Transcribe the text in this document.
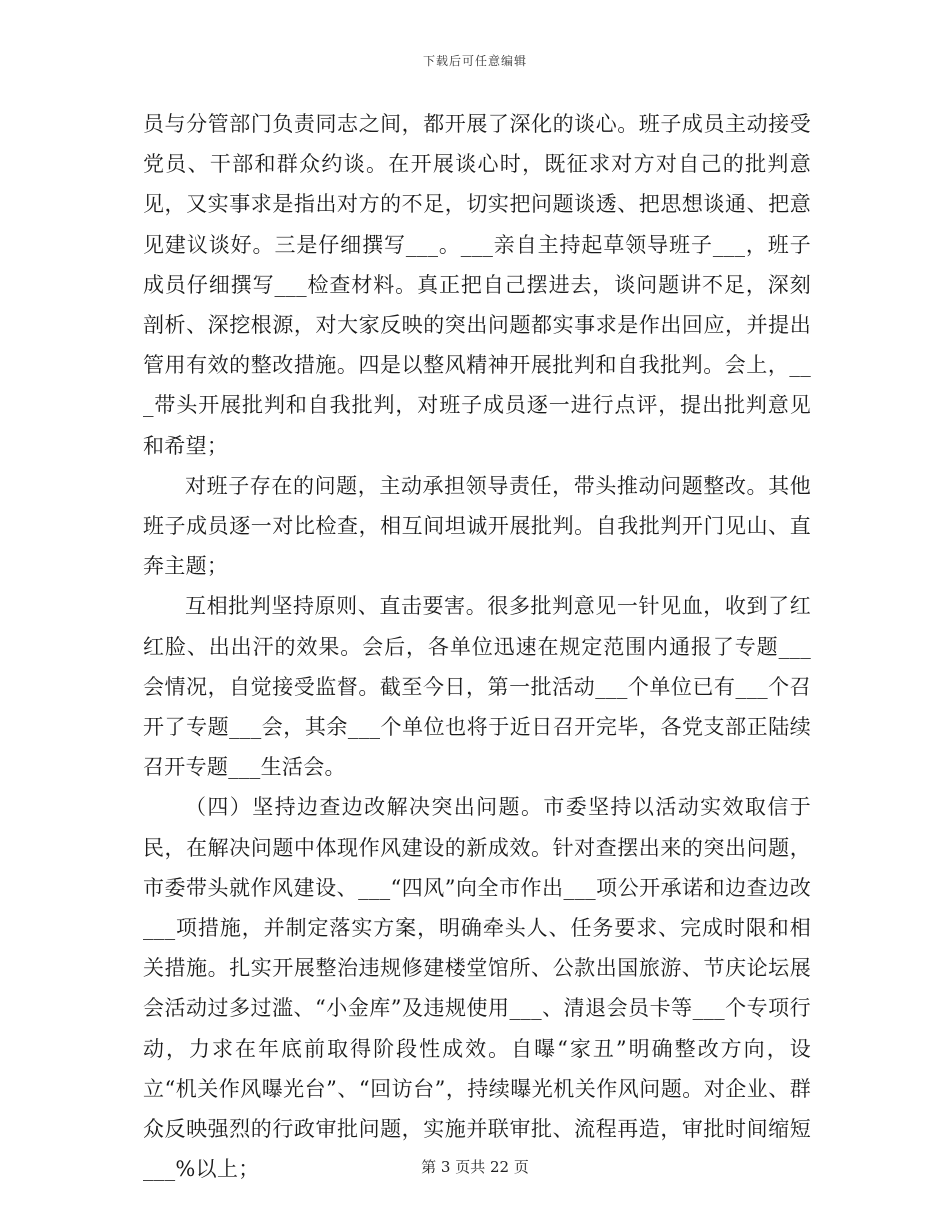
下载后可任意编辑

员与分管部门负责同志之间，都开展了深化的谈心。班子成员主动接受党员、干部和群众约谈。在开展谈心时，既征求对方对自己的批判意见，又实事求是指出对方的不足，切实把问题谈透、把思想谈通、把意见建议谈好。三是仔细撰写___。___亲自主持起草领导班子___，班子成员仔细撰写___检查材料。真正把自己摆进去，谈问题讲不足，深刻剖析、深挖根源，对大家反映的突出问题都实事求是作出回应，并提出管用有效的整改措施。四是以整风精神开展批判和自我批判。会上，___带头开展批判和自我批判，对班子成员逐一进行点评，提出批判意见和希望；

对班子存在的问题，主动承担领导责任，带头推动问题整改。其他班子成员逐一对比检查，相互间坦诚开展批判。自我批判开门见山、直奔主题；

互相批判坚持原则、直击要害。很多批判意见一针见血，收到了红红脸、出出汗的效果。会后，各单位迅速在规定范围内通报了专题___会情况，自觉接受监督。截至今日，第一批活动___个单位已有___个召开了专题___会，其余___个单位也将于近日召开完毕，各党支部正陆续召开专题___生活会。

（四）坚持边查边改解决突出问题。市委坚持以活动实效取信于民，在解决问题中体现作风建设的新成效。针对查摆出来的突出问题，市委带头就作风建设、___“四风”向全市作出___项公开承诺和边查边改___项措施，并制定落实方案，明确牵头人、任务要求、完成时限和相关措施。扎实开展整治违规修建楼堂馆所、公款出国旅游、节庆论坛展会活动过多过滥、“小金库”及违规使用___、清退会员卡等___个专项行动，力求在年底前取得阶段性成效。自曝“家丑”明确整改方向，设立“机关作风曝光台”、“回访台”，持续曝光机关作风问题。对企业、群众反映强烈的行政审批问题，实施并联审批、流程再造，审批时间缩短___%以上；	第 3 页共 22 页
